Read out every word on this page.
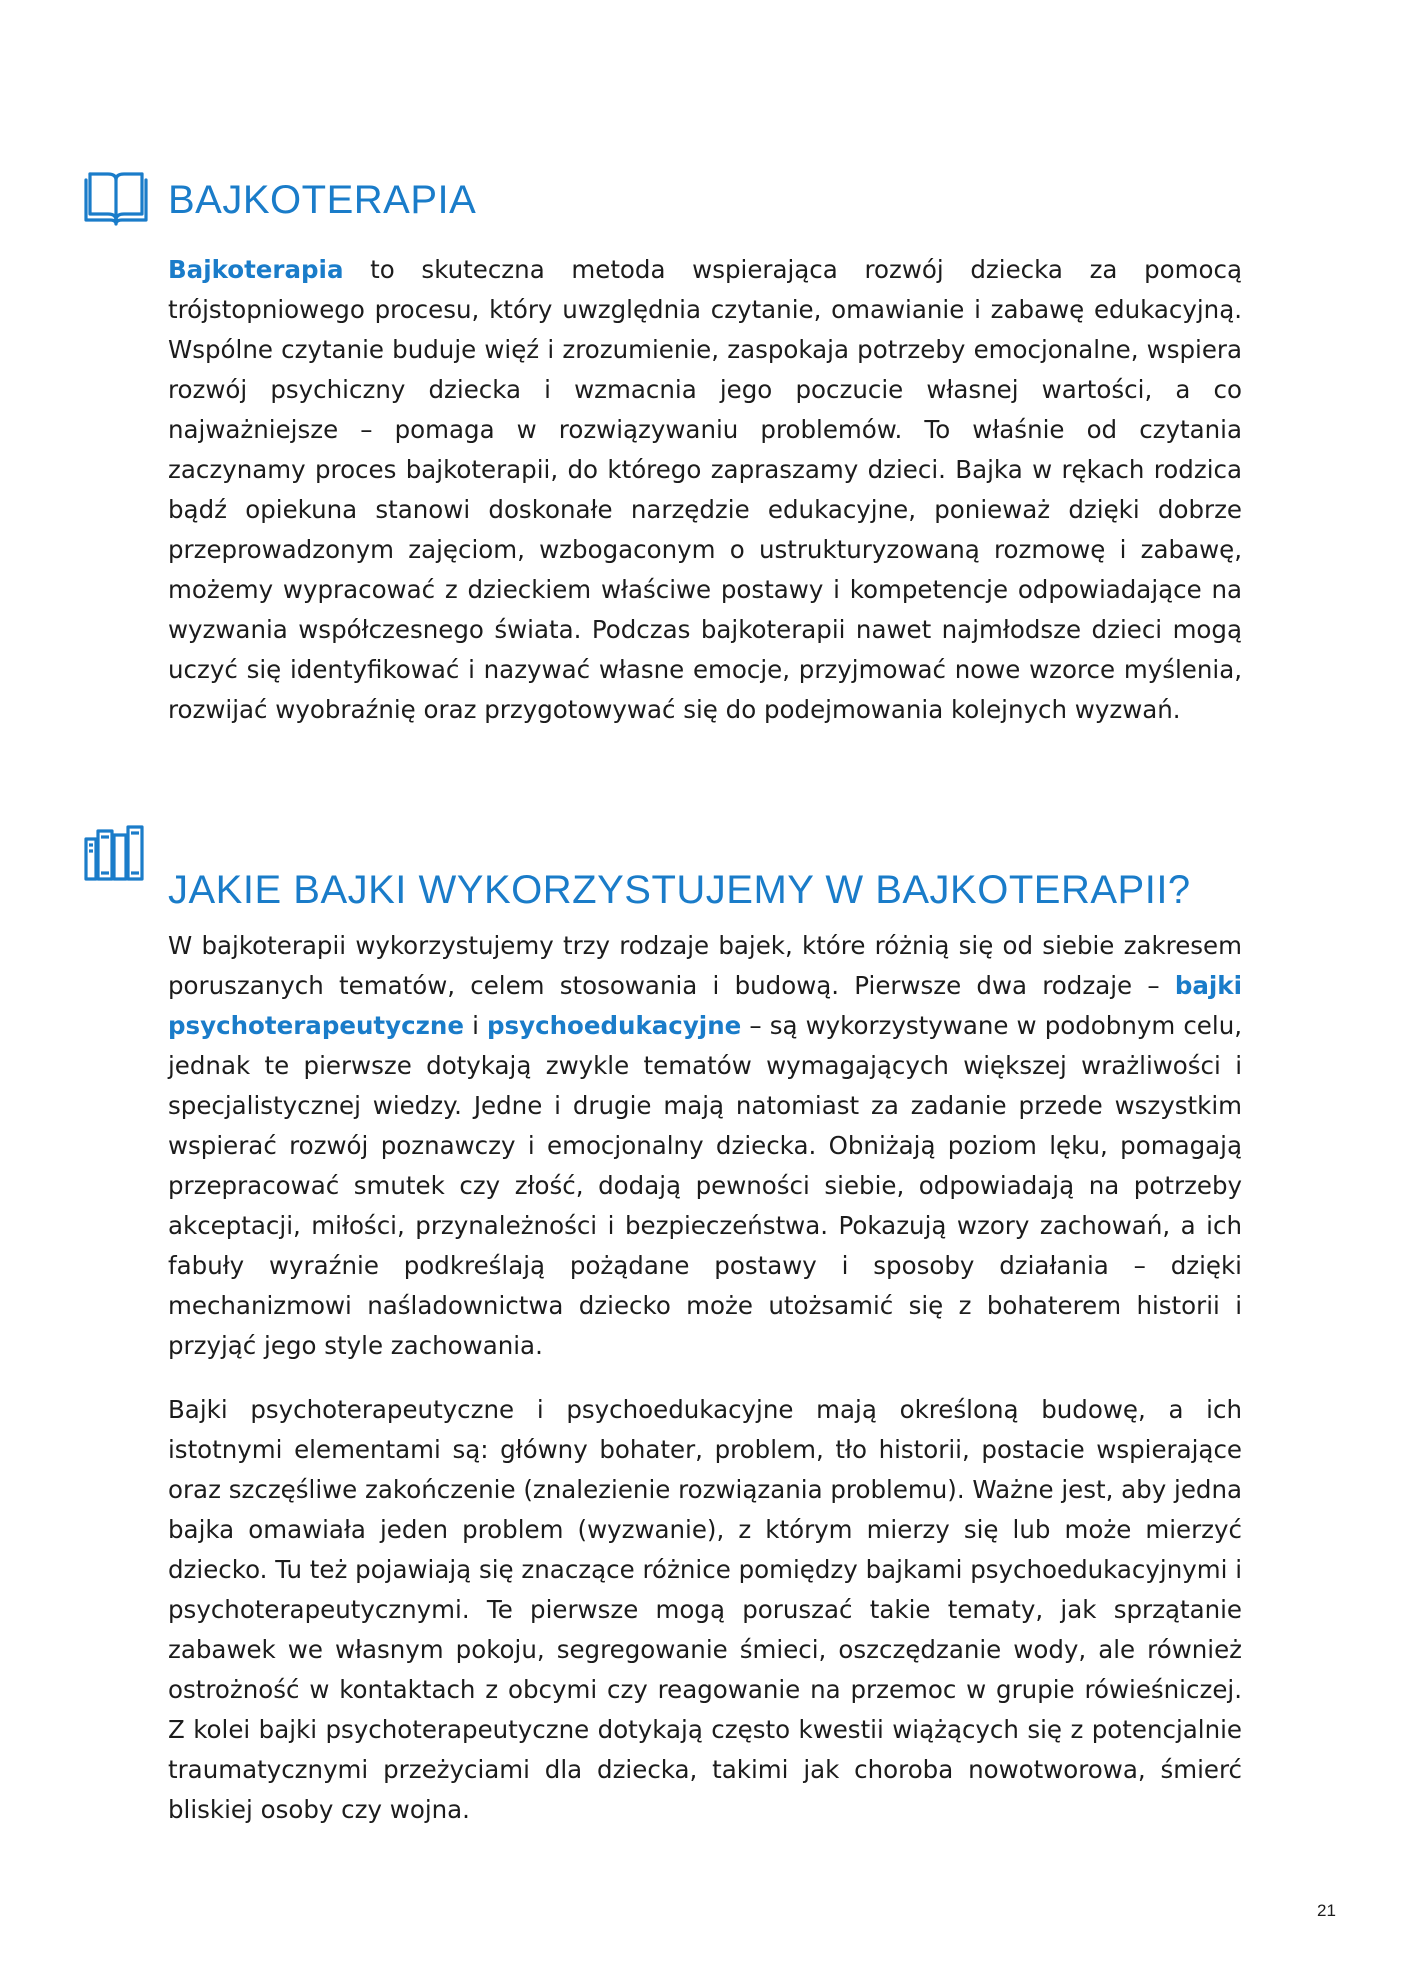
BAJKOTERAPIA

Bajkoterapia to skuteczna metoda wspierająca rozwój dziecka za pomocą trójstopniowego procesu, który uwzględnia czytanie, omawianie i zabawę edukacyjną. Wspólne czytanie buduje więź i zrozumienie, zaspokaja potrzeby emocjonalne, wspiera rozwój psychiczny dziecka i wzmacnia jego poczucie własnej wartości, a co najważniejsze – pomaga w rozwiązywaniu problemów. To właśnie od czytania zaczynamy proces bajkoterapii, do którego zapraszamy dzieci. Bajka w rękach rodzica bądź opiekuna stanowi doskonałe narzędzie edukacyjne, ponieważ dzięki dobrze przeprowadzonym zajęciom, wzbogaconym o ustrukturyzowaną rozmowę i zabawę, możemy wypracować z dzieckiem właściwe postawy i kompetencje odpowiadające na wyzwania współczesnego świata. Podczas bajkoterapii nawet najmłodsze dzieci mogą uczyć się identyfikować i nazywać własne emocje, przyjmować nowe wzorce myślenia, rozwijać wyobraźnię oraz przygotowywać się do podejmowania kolejnych wyzwań.

JAKIE BAJKI WYKORZYSTUJEMY W BAJKOTERAPII?

W bajkoterapii wykorzystujemy trzy rodzaje bajek, które różnią się od siebie zakresem poruszanych tematów, celem stosowania i budową. Pierwsze dwa rodzaje – bajki psychoterapeutyczne i psychoedukacyjne – są wykorzystywane w podobnym celu, jednak te pierwsze dotykają zwykle tematów wymagających większej wrażliwości i specjalistycznej wiedzy. Jedne i drugie mają natomiast za zadanie przede wszystkim wspierać rozwój poznawczy i emocjonalny dziecka. Obniżają poziom lęku, pomagają przepracować smutek czy złość, dodają pewności siebie, odpowiadają na potrzeby akceptacji, miłości, przynależności i bezpieczeństwa. Pokazują wzory zachowań, a ich fabuły wyraźnie podkreślają pożądane postawy i sposoby działania – dzięki mechanizmowi naśladownictwa dziecko może utożsamić się z bohaterem historii i przyjąć jego style zachowania.

Bajki psychoterapeutyczne i psychoedukacyjne mają określoną budowę, a ich istotnymi elementami są: główny bohater, problem, tło historii, postacie wspierające oraz szczęśliwe zakończenie (znalezienie rozwiązania problemu). Ważne jest, aby jedna bajka omawiała jeden problem (wyzwanie), z którym mierzy się lub może mierzyć dziecko. Tu też pojawiają się znaczące różnice pomiędzy bajkami psychoedukacyjnymi i psychoterapeutycznymi. Te pierwsze mogą poruszać takie tematy, jak sprzątanie zabawek we własnym pokoju, segregowanie śmieci, oszczędzanie wody, ale również ostrożność w kontaktach z obcymi czy reagowanie na przemoc w grupie rówieśniczej. Z kolei bajki psychoterapeutyczne dotykają często kwestii wiążących się z potencjalnie traumatycznymi przeżyciami dla dziecka, takimi jak choroba nowotworowa, śmierć bliskiej osoby czy wojna.

21
